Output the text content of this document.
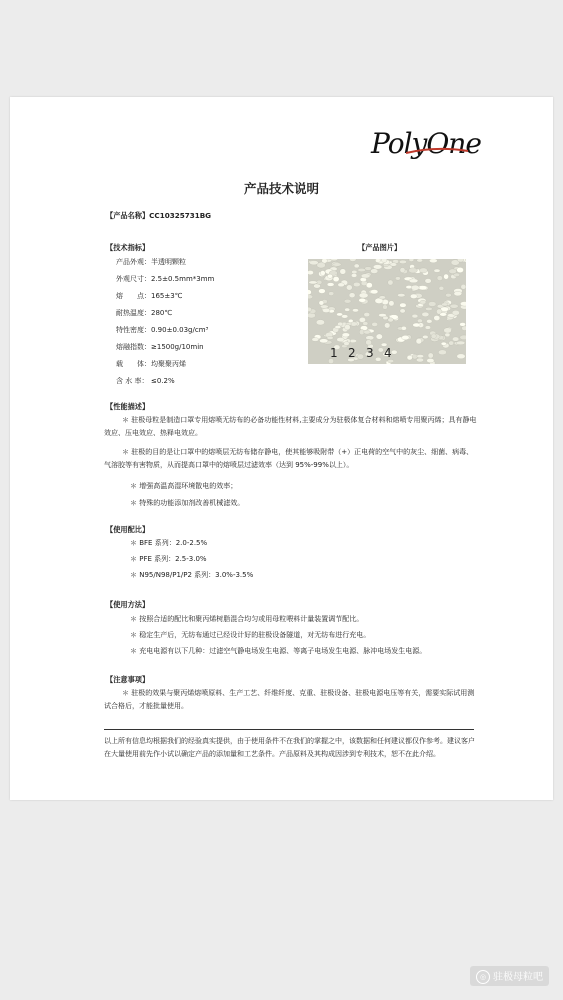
PolyOne
产品技术说明
【产品名称】CC10325731BG
【技术指标】	【产品图片】
产品外观：半透明颗粒
外观尺寸：2.5±0.5mm*3mm
熔　　点：165±3℃
耐热温度：280℃
特性密度：0.90±0.03g/cm³
熔融指数：≥1500g/10min
载　　体：均聚聚丙烯
含 水 率： ≤0.2%
1 2 3 4
【性能描述】
＊ 驻极母粒是制造口罩专用熔喷无纺布的必备功能性材料,主要成分为驻极体复合材料和熔喷专用聚丙烯；具有静电效应、压电效应、热释电效应。
＊ 驻极的目的是让口罩中的熔喷层无纺布储存静电，使其能够吸附带（+）正电荷的空气中的灰尘、细菌、病毒、气溶胶等有害物质，从而提高口罩中的熔喷层过滤效率（达到 95%-99%以上）。
＊ 增强高温高湿环境散电的效率；
＊ 特殊的功能添加剂改善机械滤效。
【使用配比】
＊ BFE 系列：2.0-2.5%
＊ PFE 系列：2.5-3.0%
＊ N95/N98/P1/P2 系列：3.0%-3.5%
【使用方法】
＊ 按照合适的配比和聚丙烯树脂混合均匀或用母粒喂料计量装置调节配比。
＊ 稳定生产后，无纺布通过已经设计好的驻极设备隧道，对无纺布进行充电。
＊ 充电电源有以下几种：过滤空气静电场发生电源、等离子电场发生电源、脉冲电场发生电源。
【注意事项】
＊ 驻极的效果与聚丙烯熔喷原料、生产工艺、纤维纤度、克重、驻极设备、驻极电源电压等有关，需要实际试用测试合格后，才能批量使用。
以上所有信息均根据我们的经验真实提供，由于使用条件不在我们的掌握之中，该数据和任何建议都仅作参考。建议客户在大量使用前先作小试以确定产品的添加量和工艺条件。产品原料及其构成因涉到专利技术，恕不在此介绍。
◎ 驻极母粒吧
